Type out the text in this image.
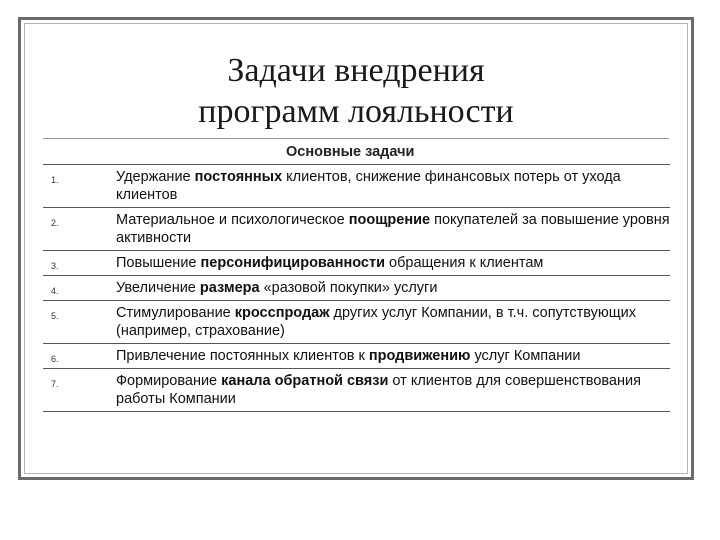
Задачи внедрения
программ лояльности
Основные задачи
1.	Удержание постоянных клиентов, снижение финансовых потерь от ухода клиентов
2.	Материальное и психологическое поощрение покупателей за повышение уровня активности
3.	Повышение персонифицированности обращения к клиентам
4.	Увеличение размера «разовой покупки» услуги
5.	Стимулирование кросспродаж других услуг Компании, в т.ч. сопутствующих (например, страхование)
6.	Привлечение постоянных клиентов к продвижению услуг Компании
7.	Формирование канала обратной связи от клиентов для совершенствования работы Компании
